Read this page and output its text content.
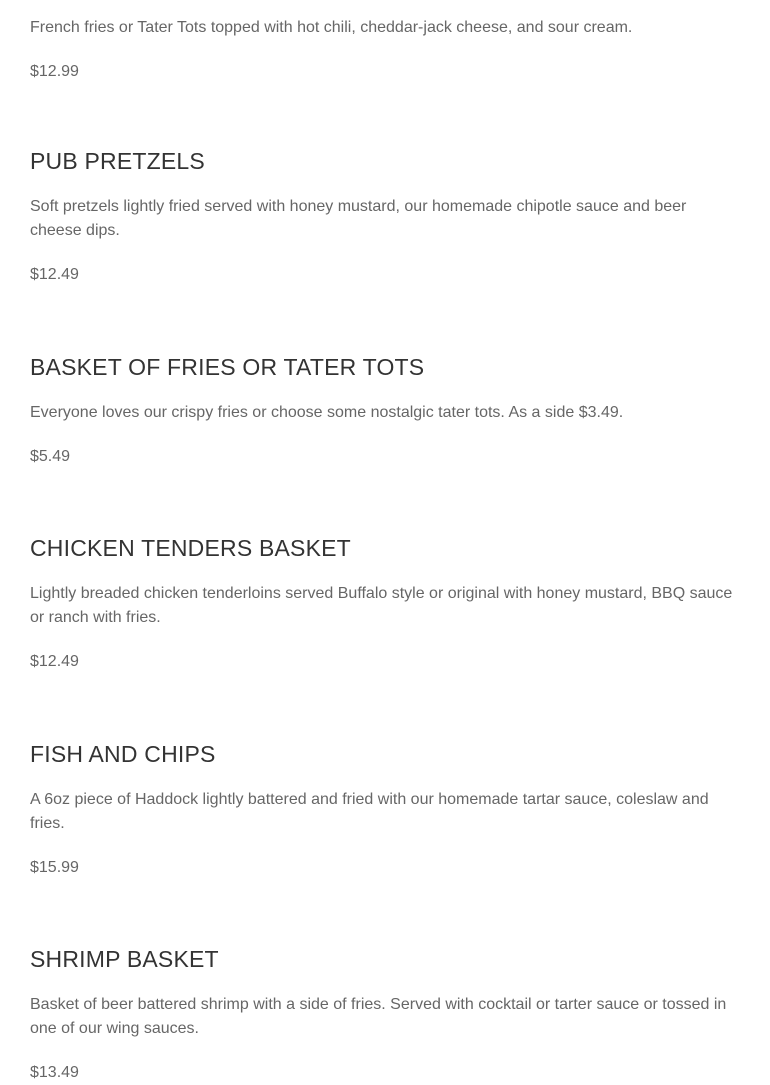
French fries or Tater Tots topped with hot chili, cheddar-jack cheese, and sour cream.

$12.99

PUB PRETZELS

Soft pretzels lightly fried served with honey mustard, our homemade chipotle sauce and beer cheese dips.

$12.49

BASKET OF FRIES OR TATER TOTS

Everyone loves our crispy fries or choose some nostalgic tater tots. As a side $3.49.

$5.49

CHICKEN TENDERS BASKET

Lightly breaded chicken tenderloins served Buffalo style or original with honey mustard, BBQ sauce or ranch with fries.

$12.49

FISH AND CHIPS

A 6oz piece of Haddock lightly battered and fried with our homemade tartar sauce, coleslaw and fries.

$15.99

SHRIMP BASKET

Basket of beer battered shrimp with a side of fries. Served with cocktail or tarter sauce or tossed in one of our wing sauces.

$13.49
